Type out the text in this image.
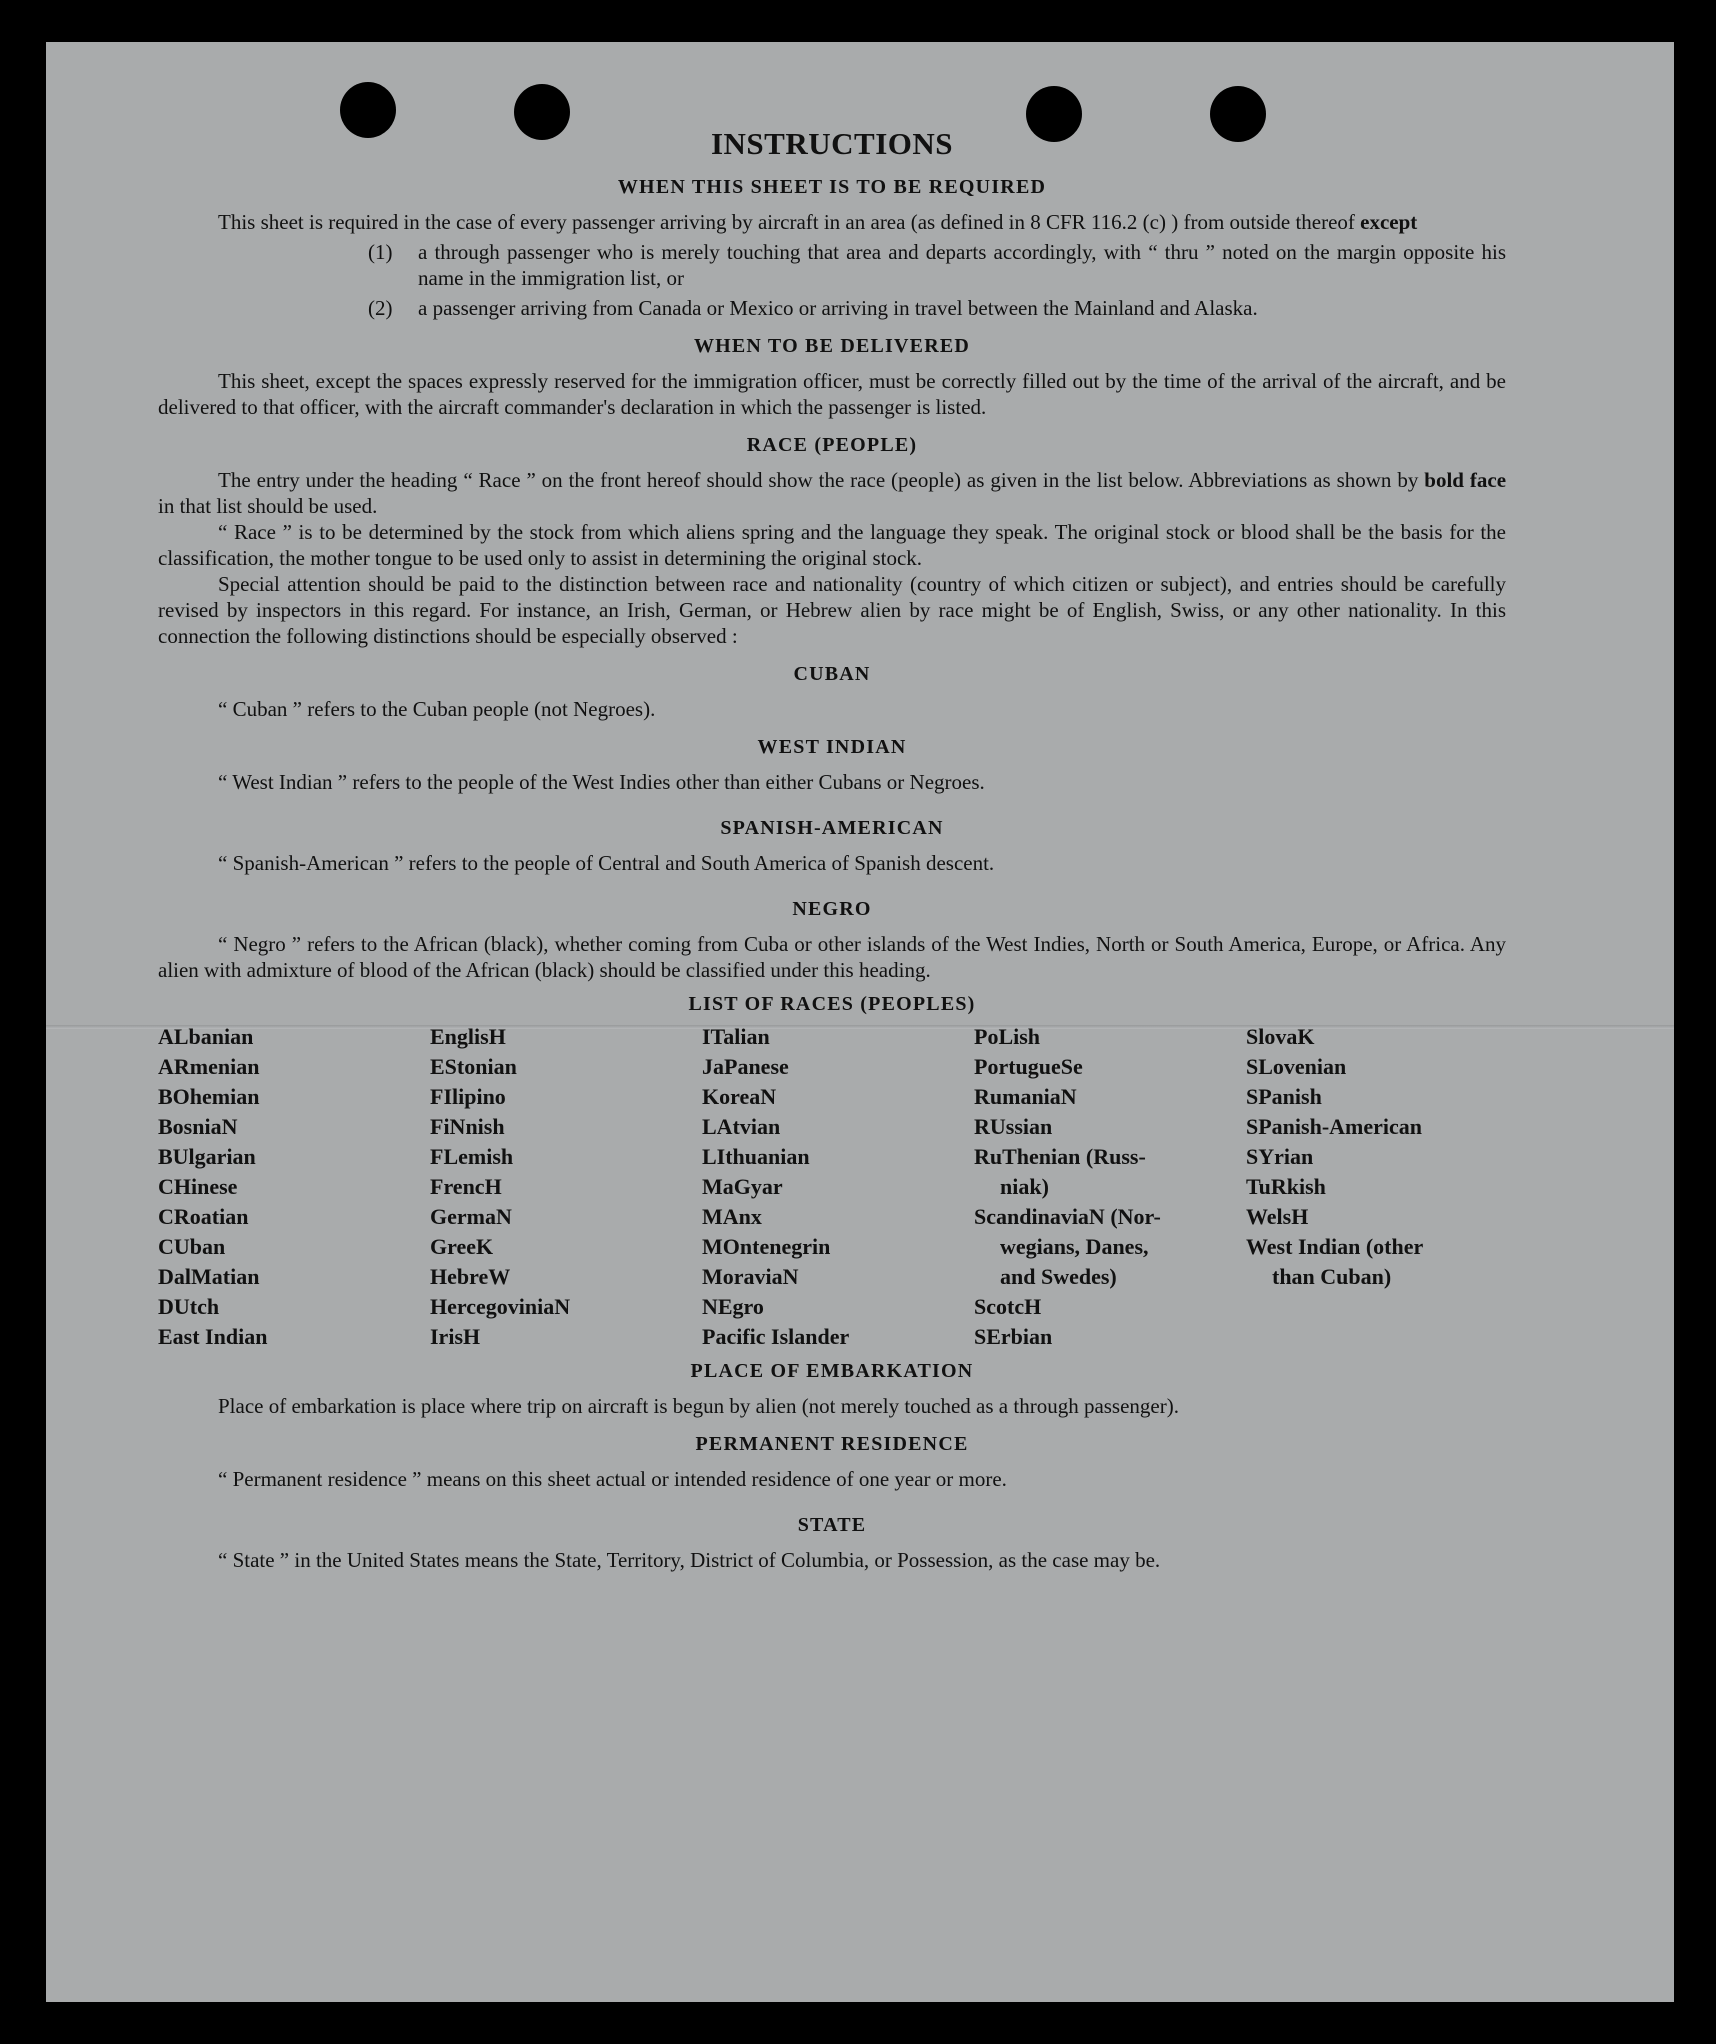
INSTRUCTIONS
WHEN THIS SHEET IS TO BE REQUIRED

This sheet is required in the case of every passenger arriving by aircraft in an area (as defined in 8 CFR 116.2 (c) ) from outside thereof except

(1)	a through passenger who is merely touching that area and departs accordingly, with “ thru ” noted on the margin opposite his name in the immigration list, or
(2)	a passenger arriving from Canada or Mexico or arriving in travel between the Mainland and Alaska.
WHEN TO BE DELIVERED

This sheet, except the spaces expressly reserved for the immigration officer, must be correctly filled out by the time of the arrival of the aircraft, and be delivered to that officer, with the aircraft commander's declaration in which the passenger is listed.

RACE (PEOPLE)

The entry under the heading “ Race ” on the front hereof should show the race (people) as given in the list below. Abbreviations as shown by bold face in that list should be used.

“ Race ” is to be determined by the stock from which aliens spring and the language they speak. The original stock or blood shall be the basis for the classification, the mother tongue to be used only to assist in determining the original stock.

Special attention should be paid to the distinction between race and nationality (country of which citizen or subject), and entries should be carefully revised by inspectors in this regard. For instance, an Irish, German, or Hebrew alien by race might be of English, Swiss, or any other nationality. In this connection the following distinctions should be especially observed :

CUBAN

“ Cuban ” refers to the Cuban people (not Negroes).

WEST INDIAN

“ West Indian ” refers to the people of the West Indies other than either Cubans or Negroes.

SPANISH-AMERICAN

“ Spanish-American ” refers to the people of Central and South America of Spanish descent.

NEGRO

“ Negro ” refers to the African (black), whether coming from Cuba or other islands of the West Indies, North or South America, Europe, or Africa. Any alien with admixture of blood of the African (black) should be classified under this heading.

LIST OF RACES (PEOPLES)
ALbanian
ARmenian
BOhemian
BosniaN
BUlgarian
CHinese
CRoatian
CUban
DalMatian
DUtch
East Indian
EnglisH
EStonian
FIlipino
FiNnish
FLemish
FrencH
GermaN
GreeK
HebreW
HercegoviniaN
IrisH
ITalian
JaPanese
KoreaN
LAtvian
LIthuanian
MaGyar
MAnx
MOntenegrin
MoraviaN
NEgro
Pacific Islander
PoLish
PortugueSe
RumaniaN
RUssian
RuThenian (Russ-
niak)
ScandinaviaN (Nor-
wegians, Danes,
and Swedes)
ScotcH
SErbian
SlovaK
SLovenian
SPanish
SPanish-American
SYrian
TuRkish
WelsH
West Indian (other
than Cuban)
PLACE OF EMBARKATION

Place of embarkation is place where trip on aircraft is begun by alien (not merely touched as a through passenger).

PERMANENT RESIDENCE

“ Permanent residence ” means on this sheet actual or intended residence of one year or more.

STATE

“ State ” in the United States means the State, Territory, District of Columbia, or Possession, as the case may be.
